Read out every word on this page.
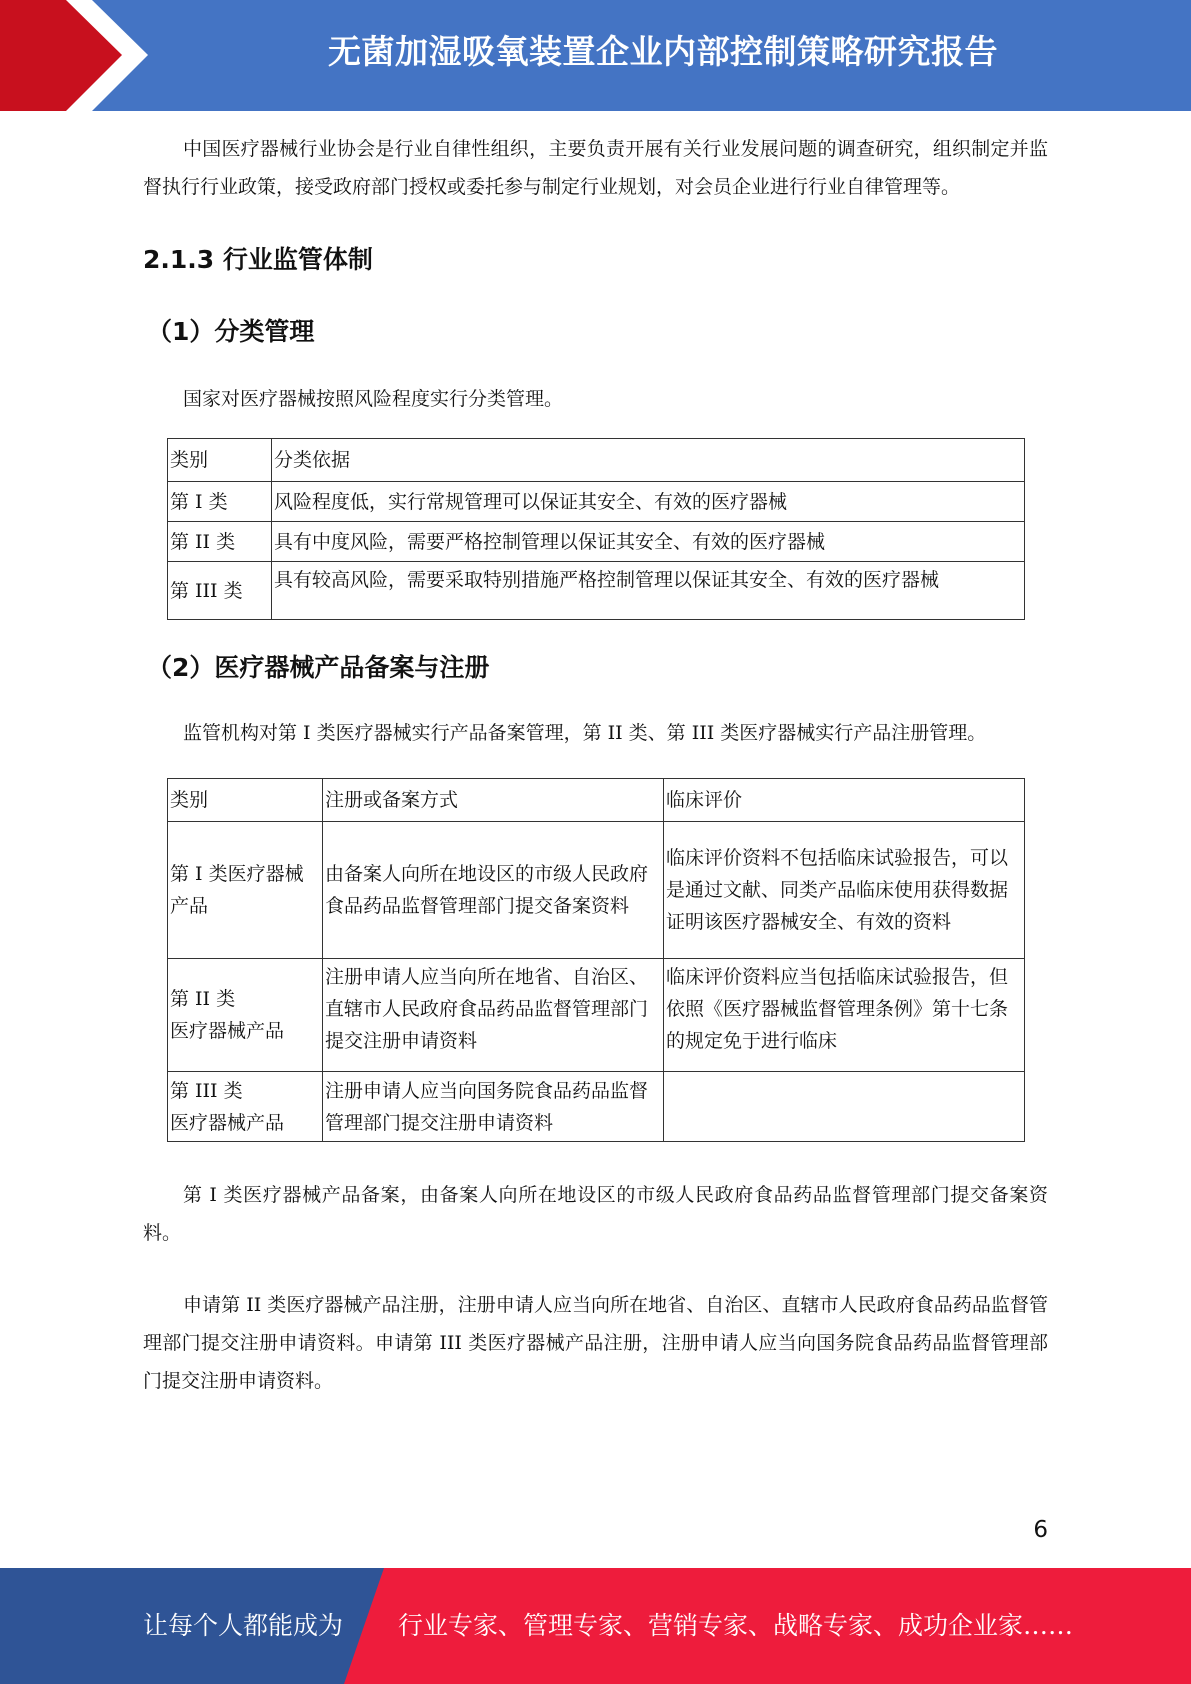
无菌加湿吸氧装置企业内部控制策略研究报告

中国医疗器械行业协会是行业自律性组织，主要负责开展有关行业发展问题的调查研究，组织制定并监督执行行业政策，接受政府部门授权或委托参与制定行业规划，对会员企业进行行业自律管理等。

2.1.3 行业监管体制
（1）分类管理

国家对医疗器械按照风险程度实行分类管理。

类别	分类依据
第 I 类	风险程度低，实行常规管理可以保证其安全、有效的医疗器械
第 II 类	具有中度风险，需要严格控制管理以保证其安全、有效的医疗器械
第 III 类	具有较高风险，需要采取特别措施严格控制管理以保证其安全、有效的医疗器械
（2）医疗器械产品备案与注册

监管机构对第 I 类医疗器械实行产品备案管理，第 II 类、第 III 类医疗器械实行产品注册管理。

类别	注册或备案方式	临床评价
第 I 类医疗器械产品	由备案人向所在地设区的市级人民政府食品药品监督管理部门提交备案资料	临床评价资料不包括临床试验报告，可以是通过文献、同类产品临床使用获得数据证明该医疗器械安全、有效的资料
第 II 类
医疗器械产品	注册申请人应当向所在地省、自治区、直辖市人民政府食品药品监督管理部门提交注册申请资料	临床评价资料应当包括临床试验报告，但依照《医疗器械监督管理条例》第十七条的规定免于进行临床
第 III 类
医疗器械产品	注册申请人应当向国务院食品药品监督管理部门提交注册申请资料	

第 I 类医疗器械产品备案，由备案人向所在地设区的市级人民政府食品药品监督管理部门提交备案资料。

申请第 II 类医疗器械产品注册，注册申请人应当向所在地省、自治区、直辖市人民政府食品药品监督管理部门提交注册申请资料。申请第 III 类医疗器械产品注册，注册申请人应当向国务院食品药品监督管理部门提交注册申请资料。

6
让每个人都能成为 行业专家、管理专家、营销专家、战略专家、成功企业家……
